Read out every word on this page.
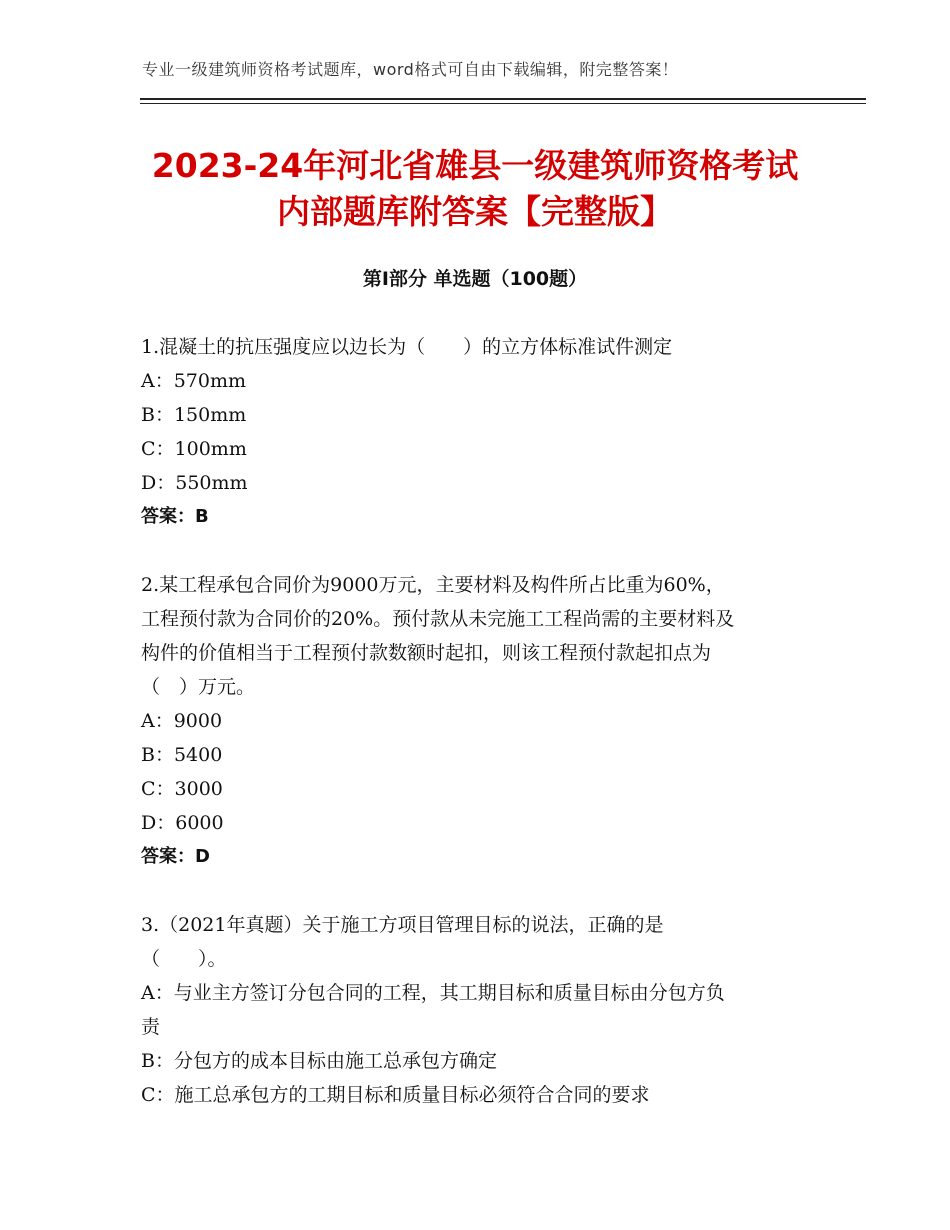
专业一级建筑师资格考试题库，word格式可自由下载编辑，附完整答案！
2023-24年河北省雄县一级建筑师资格考试
内部题库附答案【完整版】
第Ⅰ部分 单选题（100题）
1.混凝土的抗压强度应以边长为（　　）的立方体标准试件测定
A：570mm
B：150mm
C：100mm
D：550mm
答案：B
2.某工程承包合同价为9000万元，主要材料及构件所占比重为60%，
工程预付款为合同价的20%。预付款从未完施工工程尚需的主要材料及
构件的价值相当于工程预付款数额时起扣，则该工程预付款起扣点为
（　）万元。
A：9000
B：5400
C：3000
D：6000
答案：D
3.（2021年真题）关于施工方项目管理目标的说法，正确的是
（　　）。
A：与业主方签订分包合同的工程，其工期目标和质量目标由分包方负
责
B：分包方的成本目标由施工总承包方确定
C：施工总承包方的工期目标和质量目标必须符合合同的要求
